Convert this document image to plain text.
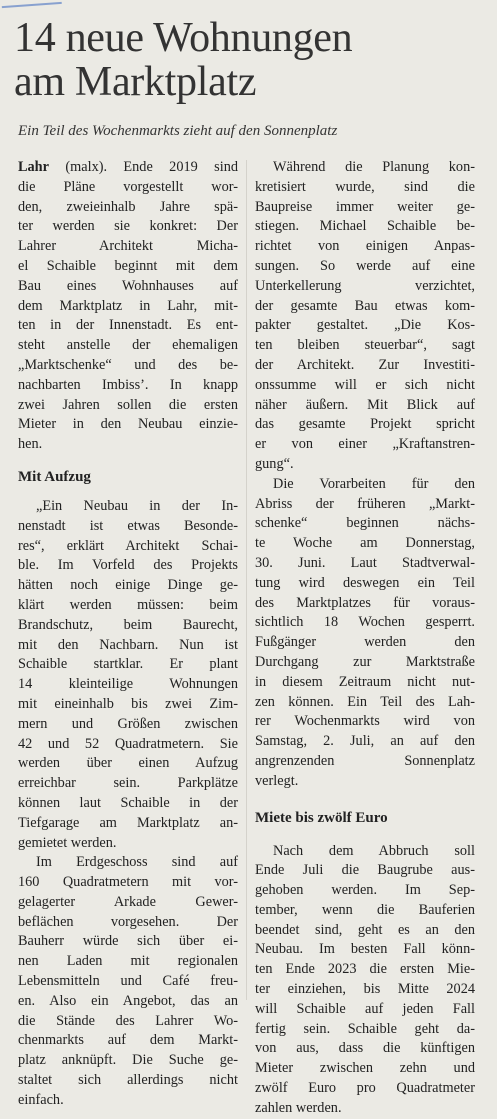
14 neue Wohnungen
am Marktplatz
Ein Teil des Wochenmarkts zieht auf den Sonnenplatz
Lahr (malx). Ende 2019 sind
die Pläne vorgestellt wor-
den, zweieinhalb Jahre spä-
ter werden sie konkret: Der
Lahrer Architekt Micha-
el Schaible beginnt mit dem
Bau eines Wohnhauses auf
dem Marktplatz in Lahr, mit-
ten in der Innenstadt. Es ent-
steht anstelle der ehemaligen
„Marktschenke“ und des be-
nachbarten Imbiss’. In knapp
zwei Jahren sollen die ersten
Mieter in den Neubau einzie-
hen.
Mit Aufzug
„Ein Neubau in der In-
nenstadt ist etwas Besonde-
res“, erklärt Architekt Schai-
ble. Im Vorfeld des Projekts
hätten noch einige Dinge ge-
klärt werden müssen: beim
Brandschutz, beim Baurecht,
mit den Nachbarn. Nun ist
Schaible startklar. Er plant
14 kleinteilige Wohnungen
mit eineinhalb bis zwei Zim-
mern und Größen zwischen
42 und 52 Quadratmetern. Sie
werden über einen Aufzug
erreichbar sein. Parkplätze
können laut Schaible in der
Tiefgarage am Marktplatz an-
gemietet werden.
Im Erdgeschoss sind auf
160 Quadratmetern mit vor-
gelagerter Arkade Gewer-
beflächen vorgesehen. Der
Bauherr würde sich über ei-
nen Laden mit regionalen
Lebensmitteln und Café freu-
en. Also ein Angebot, das an
die Stände des Lahrer Wo-
chenmarkts auf dem Markt-
platz anknüpft. Die Suche ge-
staltet sich allerdings nicht
einfach.
Während die Planung kon-
kretisiert wurde, sind die
Baupreise immer weiter ge-
stiegen. Michael Schaible be-
richtet von einigen Anpas-
sungen. So werde auf eine
Unterkellerung verzichtet,
der gesamte Bau etwas kom-
pakter gestaltet. „Die Kos-
ten bleiben steuerbar“, sagt
der Architekt. Zur Investiti-
onssumme will er sich nicht
näher äußern. Mit Blick auf
das gesamte Projekt spricht
er von einer „Kraftanstren-
gung“.
Die Vorarbeiten für den
Abriss der früheren „Markt-
schenke“ beginnen nächs-
te Woche am Donnerstag,
30. Juni. Laut Stadtverwal-
tung wird deswegen ein Teil
des Marktplatzes für voraus-
sichtlich 18 Wochen gesperrt.
Fußgänger werden den
Durchgang zur Marktstraße
in diesem Zeitraum nicht nut-
zen können. Ein Teil des Lah-
rer Wochenmarkts wird von
Samstag, 2. Juli, an auf den
angrenzenden Sonnenplatz
verlegt.
Miete bis zwölf Euro
Nach dem Abbruch soll
Ende Juli die Baugrube aus-
gehoben werden. Im Sep-
tember, wenn die Bauferien
beendet sind, geht es an den
Neubau. Im besten Fall könn-
ten Ende 2023 die ersten Mie-
ter einziehen, bis Mitte 2024
will Schaible auf jeden Fall
fertig sein. Schaible geht da-
von aus, dass die künftigen
Mieter zwischen zehn und
zwölf Euro pro Quadratmeter
zahlen werden.
